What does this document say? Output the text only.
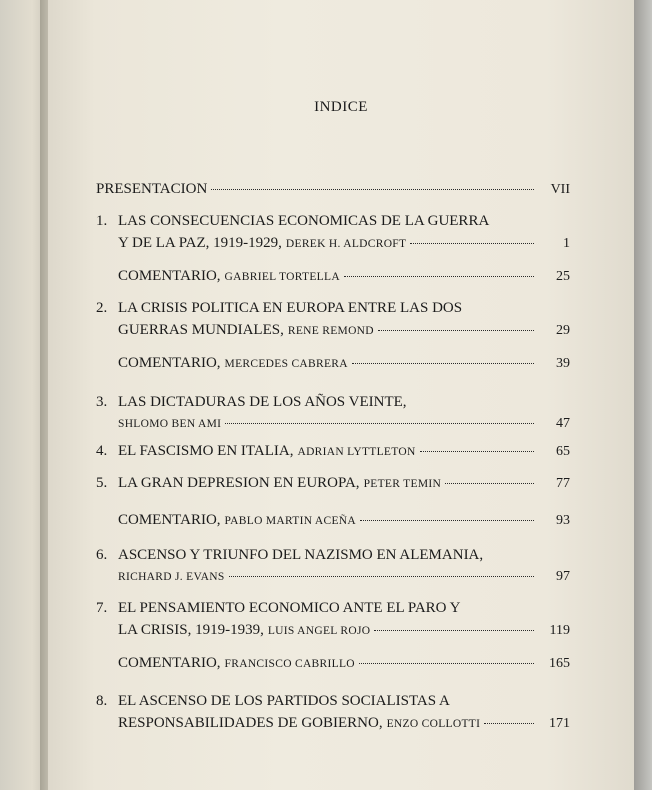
INDICE
PRESENTACION	VII
1. LAS CONSECUENCIAS ECONOMICAS DE LA GUERRA
Y DE LA PAZ, 1919-1929, DEREK H. ALDCROFT	1
COMENTARIO, GABRIEL TORTELLA	25
2. LA CRISIS POLITICA EN EUROPA ENTRE LAS DOS
GUERRAS MUNDIALES, RENE REMOND	29
COMENTARIO, MERCEDES CABRERA	39
3. LAS DICTADURAS DE LOS AÑOS VEINTE,
SHLOMO BEN AMI	47
4. EL FASCISMO EN ITALIA, ADRIAN LYTTLETON	65
5. LA GRAN DEPRESION EN EUROPA, PETER TEMIN	77
COMENTARIO, PABLO MARTIN ACEÑA	93
6. ASCENSO Y TRIUNFO DEL NAZISMO EN ALEMANIA,
RICHARD J. EVANS	97
7. EL PENSAMIENTO ECONOMICO ANTE EL PARO Y
LA CRISIS, 1919-1939, LUIS ANGEL ROJO	119
COMENTARIO, FRANCISCO CABRILLO	165
8. EL ASCENSO DE LOS PARTIDOS SOCIALISTAS A
RESPONSABILIDADES DE GOBIERNO, ENZO COLLOTTI	171
